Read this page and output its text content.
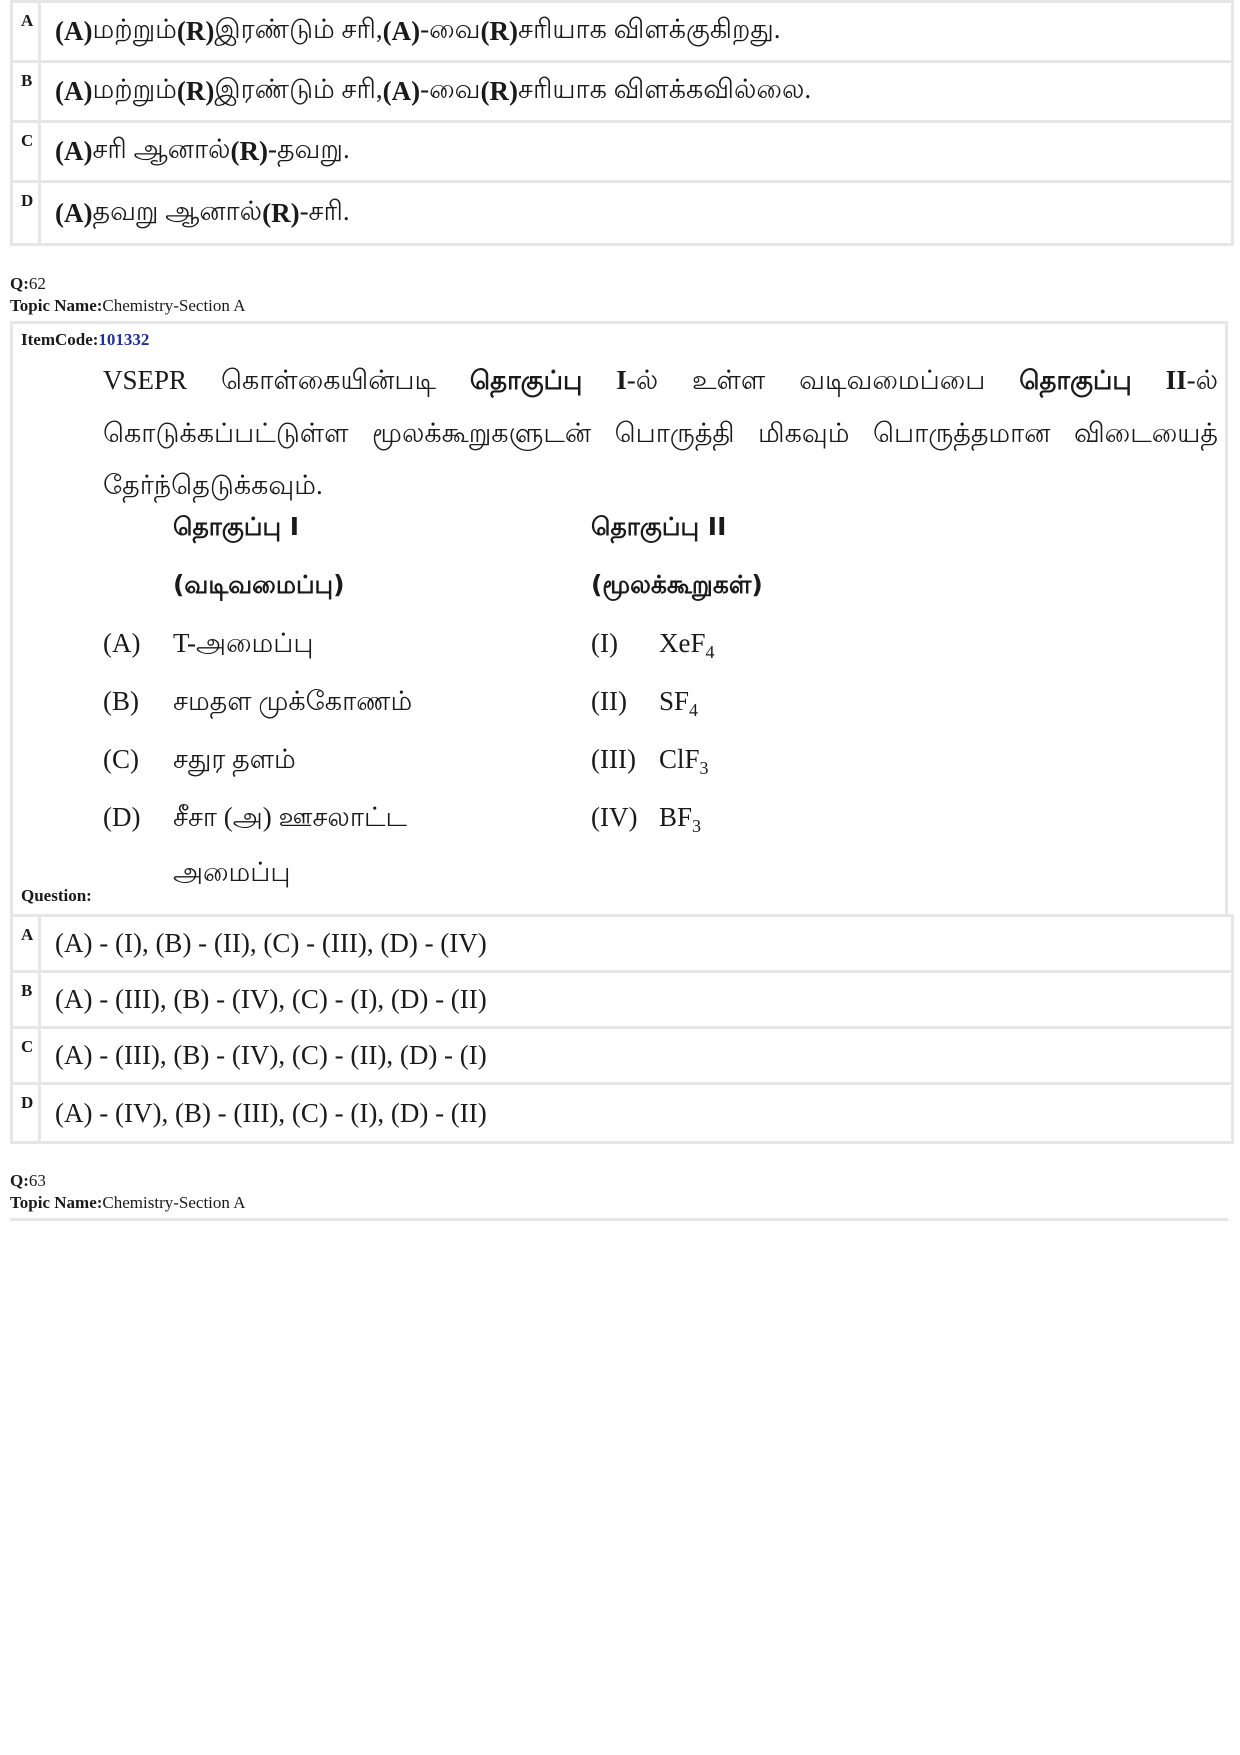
A (A) மற்றும் (R) இரண்டும் சரி, (A) -வை (R) சரியாக விளக்குகிறது.
B (A) மற்றும் (R) இரண்டும் சரி, (A) -வை (R) சரியாக விளக்கவில்லை.
C (A) சரி ஆனால் (R) -தவறு.
D (A) தவறு ஆனால் (R) -சரி.
Q:62
Topic Name:Chemistry-Section A
ItemCode:101332
VSEPR கொள்கையின்படி தொகுப்பு I-ல் உள்ள வடிவமைப்பை தொகுப்பு II-ல் கொடுக்கப்பட்டுள்ள மூலக்கூறுகளுடன் பொருத்தி மிகவும் பொருத்தமான விடையைத் தேர்ந்தெடுக்கவும்.
தொகுப்பு I
(வடிவமைப்பு)
தொகுப்பு II
(மூலக்கூறுகள்)
(A) T-அமைப்பு
(B) சமதள முக்கோணம்
(C) சதுர தளம்
(D) சீசா (அ) ஊசலாட்ட
அமைப்பு
(I) XeF$_4$
(II) $SF_4$
(III) ClF$_3$
(IV) $BF_3$
Question:
A (A) - (I), (B) - (II), (C) - (III), (D) - (IV)
B (A) - (III), (B) - (IV), (C) - (I), (D) - (II)
C (A) - (III), (B) - (IV), (C) - (II), (D) - (I)
D (A) - (IV), (B) - (III), (C) - (I), (D) - (II)
Q:63
Topic Name:Chemistry-Section A
